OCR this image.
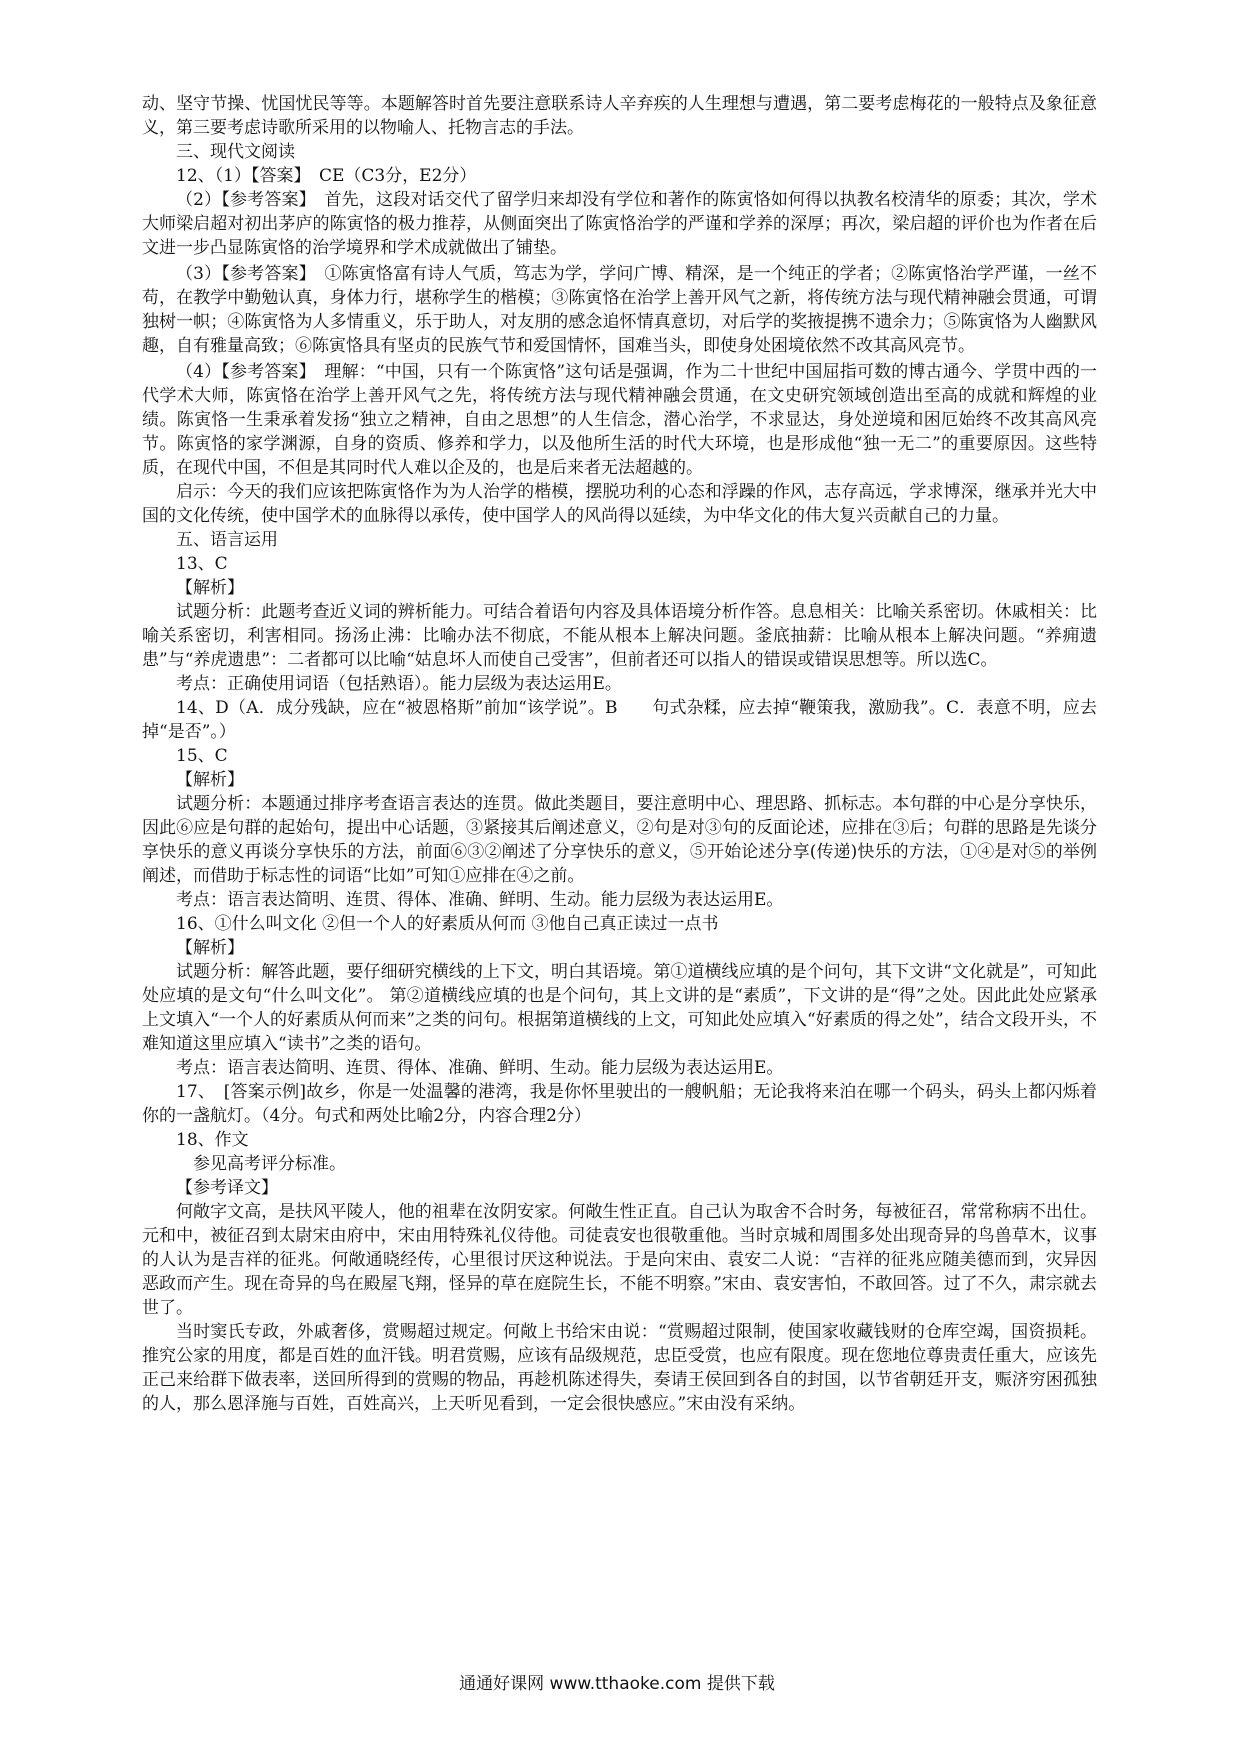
动、坚守节操、忧国忧民等等。本题解答时首先要注意联系诗人辛弃疾的人生理想与遭遇，第二要考虑梅花的一般特点及象征意义，第三要考虑诗歌所采用的以物喻人、托物言志的手法。

三、现代文阅读

12、（1）【答案】　CE（C3分，E2分）

（2）【参考答案】　首先，这段对话交代了留学归来却没有学位和著作的陈寅恪如何得以执教名校清华的原委；其次，学术大师梁启超对初出茅庐的陈寅恪的极力推荐，从侧面突出了陈寅恪治学的严谨和学养的深厚；再次，梁启超的评价也为作者在后文进一步凸显陈寅恪的治学境界和学术成就做出了铺垫。

（3）【参考答案】　①陈寅恪富有诗人气质，笃志为学，学问广博、精深，是一个纯正的学者；②陈寅恪治学严谨，一丝不苟，在教学中勤勉认真，身体力行，堪称学生的楷模；③陈寅恪在治学上善开风气之新，将传统方法与现代精神融会贯通，可谓独树一帜；④陈寅恪为人多情重义，乐于助人，对友朋的感念追怀情真意切，对后学的奖掖提携不遗余力；⑤陈寅恪为人幽默风趣，自有雅量高致；⑥陈寅恪具有坚贞的民族气节和爱国情怀，国难当头，即使身处困境依然不改其高风亮节。

（4）【参考答案】　理解：“中国，只有一个陈寅恪”这句话是强调，作为二十世纪中国屈指可数的博古通今、学贯中西的一代学术大师，陈寅恪在治学上善开风气之先，将传统方法与现代精神融会贯通，在文史研究领域创造出至高的成就和辉煌的业绩。陈寅恪一生秉承着发扬“独立之精神，自由之思想”的人生信念，潜心治学，不求显达，身处逆境和困厄始终不改其高风亮节。陈寅恪的家学渊源，自身的资质、修养和学力，以及他所生活的时代大环境，也是形成他“独一无二”的重要原因。这些特质，在现代中国，不但是其同时代人难以企及的，也是后来者无法超越的。

启示：今天的我们应该把陈寅恪作为为人治学的楷模，摆脱功利的心态和浮躁的作风，志存高远，学求博深，继承并光大中国的文化传统，使中国学术的血脉得以承传，使中国学人的风尚得以延续，为中华文化的伟大复兴贡献自己的力量。

五、语言运用

13、C

【解析】

试题分析：此题考查近义词的辨析能力。可结合着语句内容及具体语境分析作答。息息相关：比喻关系密切。休戚相关：比喻关系密切，利害相同。扬汤止沸：比喻办法不彻底，不能从根本上解决问题。釜底抽薪：比喻从根本上解决问题。“养痈遗患”与“养虎遗患”：二者都可以比喻“姑息坏人而使自己受害”，但前者还可以指人的错误或错误思想等。所以选C。

考点：正确使用词语（包括熟语）。能力层级为表达运用E。

14、D（A．成分残缺，应在“被恩格斯”前加“该学说”。B　　句式杂糅，应去掉“鞭策我，激励我”。C．表意不明，应去掉“是否”。）

15、C

【解析】

试题分析：本题通过排序考查语言表达的连贯。做此类题目，要注意明中心、理思路、抓标志。本句群的中心是分享快乐，因此⑥应是句群的起始句，提出中心话题，③紧接其后阐述意义，②句是对③句的反面论述，应排在③后；句群的思路是先谈分享快乐的意义再谈分享快乐的方法，前面⑥③②阐述了分享快乐的意义，⑤开始论述分享(传递)快乐的方法，①④是对⑤的举例阐述，而借助于标志性的词语“比如”可知①应排在④之前。

考点：语言表达简明、连贯、得体、准确、鲜明、生动。能力层级为表达运用E。

16、①什么叫文化 ②但一个人的好素质从何而 ③他自己真正读过一点书

【解析】

试题分析：解答此题，要仔细研究横线的上下文，明白其语境。第①道横线应填的是个问句，其下文讲“文化就是”，可知此处应填的是文句“什么叫文化”。 第②道横线应填的也是个问句，其上文讲的是“素质”，下文讲的是“得”之处。因此此处应紧承上文填入“一个人的好素质从何而来”之类的问句。根据第道横线的上文，可知此处应填入“好素质的得之处”，结合文段开头，不难知道这里应填入“读书”之类的语句。

考点：语言表达简明、连贯、得体、准确、鲜明、生动。能力层级为表达运用E。

17、　[答案示例]故乡，你是一处温馨的港湾，我是你怀里驶出的一艘帆船；无论我将来泊在哪一个码头，码头上都闪烁着你的一盏航灯。（4分。句式和两处比喻2分，内容合理2分）

18、作文

参见高考评分标准。

【参考译文】

何敞字文高，是扶风平陵人，他的祖辈在汝阴安家。何敞生性正直。自己认为取舍不合时务，每被征召，常常称病不出仕。元和中，被征召到太尉宋由府中，宋由用特殊礼仪待他。司徒袁安也很敬重他。当时京城和周围多处出现奇异的鸟兽草木，议事的人认为是吉祥的征兆。何敞通晓经传，心里很讨厌这种说法。于是向宋由、袁安二人说：“吉祥的征兆应随美德而到，灾异因恶政而产生。现在奇异的鸟在殿屋飞翔，怪异的草在庭院生长，不能不明察。”宋由、袁安害怕，不敢回答。过了不久，肃宗就去世了。

当时窦氏专政，外戚奢侈，赏赐超过规定。何敞上书给宋由说：“赏赐超过限制，使国家收藏钱财的仓库空竭，国资损耗。推究公家的用度，都是百姓的血汗钱。明君赏赐，应该有品级规范，忠臣受赏，也应有限度。现在您地位尊贵责任重大，应该先正己来给群下做表率，送回所得到的赏赐的物品，再趁机陈述得失，奏请王侯回到各自的封国，以节省朝廷开支，赈济穷困孤独的人，那么恩泽施与百姓，百姓高兴，上天听见看到，一定会很快感应。”宋由没有采纳。

通通好课网 www.tthaoke.com 提供下载
